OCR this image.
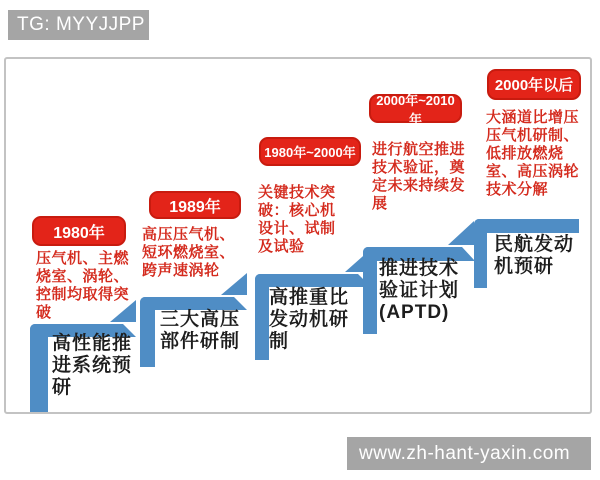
TG: MYYJJPP
1980年
压气机、主燃烧室、涡轮、控制均取得突破
高性能推进系统预研
1989年
高压压气机、短环燃烧室、跨声速涡轮
三大高压部件研制
1980年~2000年
关键技术突破：核心机设计、试制及试验
高推重比发动机研制
2000年~2010年
进行航空推进技术验证，奠定未来持续发展
推进技术验证计划(APTD)
2000年以后
大涵道比增压压气机研制、低排放燃烧室、高压涡轮技术分解
民航发动机预研
www.zh-hant-yaxin.com
